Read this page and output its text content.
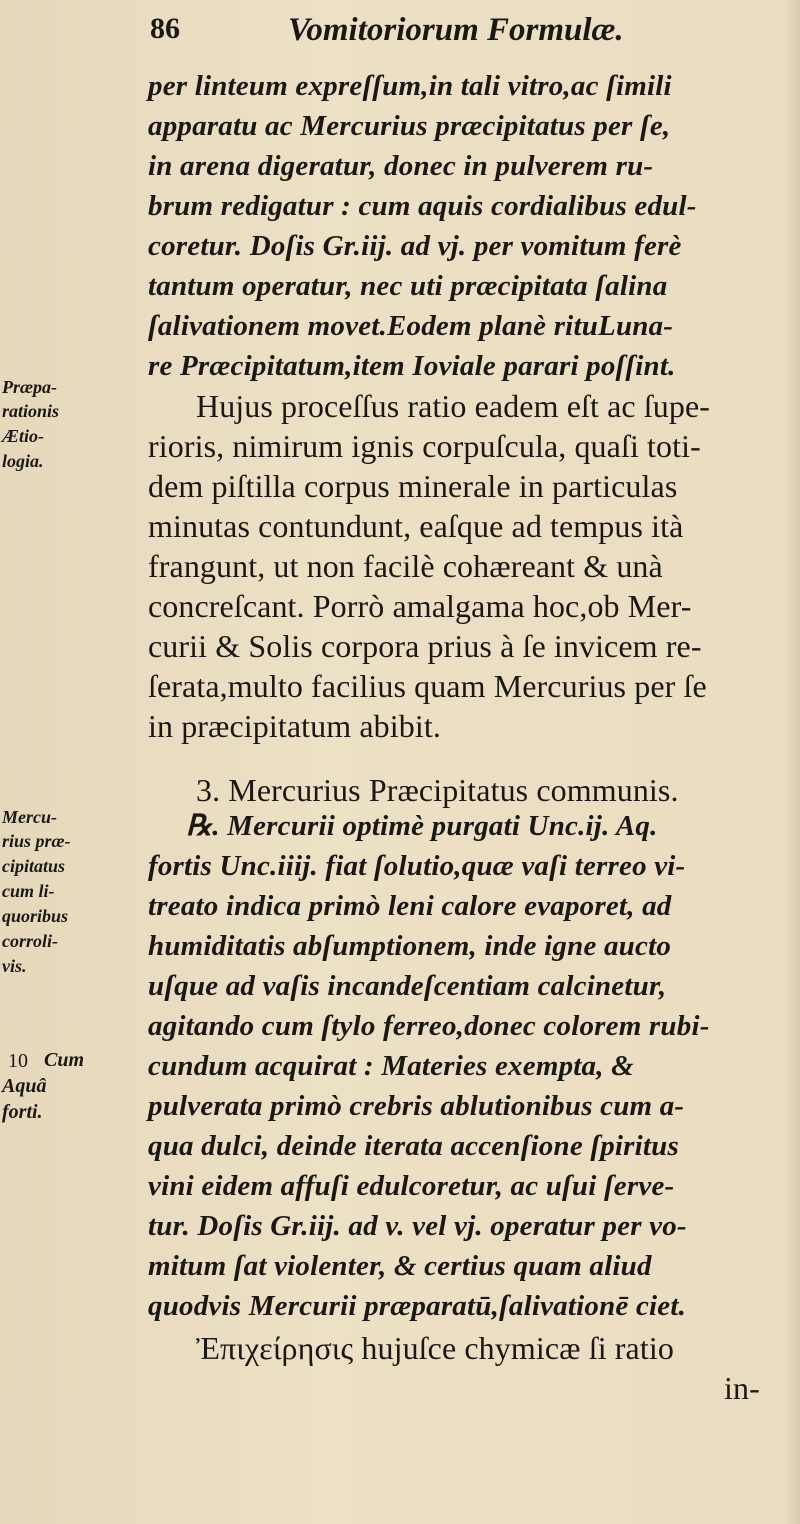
86	Vomitoriorum Formulæ.
per linteum expreſſum,in tali vitro,ac ſimili
apparatu ac Mercurius præcipitatus per ſe,
in arena digeratur, donec in pulverem ru-
brum redigatur : cum aquis cordialibus edul-
coretur. Doſis Gr.iij. ad vj. per vomitum ferè
tantum operatur, nec uti præcipitata ſalina
ſalivationem movet.Eodem planè rituLuna-
re Præcipitatum,item Ioviale parari poſſint.
Hujus proceſſus ratio eadem eſt ac ſupe-
rioris, nimirum ignis corpuſcula, quaſi toti-
dem piſtilla corpus minerale in particulas
minutas contundunt, eaſque ad tempus ità
frangunt, ut non facilè cohæreant & unà
concreſcant. Porrò amalgama hoc,ob Mer-
curii & Solis corpora prius à ſe invicem re-
ſerata,multo facilius quam Mercurius per ſe
in præcipitatum abibit.
3. Mercurius Præcipitatus communis.
℞. Mercurii optimè purgati Unc.ij. Aq.
fortis Unc.iiij. fiat ſolutio,quæ vaſi terreo vi-
treato indica primò leni calore evaporet, ad
humiditatis abſumptionem, inde igne aucto
uſque ad vaſis incandeſcentiam calcinetur,
agitando cum ſtylo ferreo,donec colorem rubi-
cundum acquirat : Materies exempta, &
pulverata primò crebris ablutionibus cum a-
qua dulci, deinde iterata accenſione ſpiritus
vini eidem affuſi edulcoretur, ac uſui ſerve-
tur. Doſis Gr.iij. ad v. vel vj. operatur per vo-
mitum ſat violenter, & certius quam aliud
quodvis Mercurii præparatū,ſalivationē ciet.
Ἐπιχείρησις hujuſce chymicæ ſi ratio
in-
Præpa-
rationis
Ætio-
logia.
Mercu-
rius præ-
cipitatus
cum li-
quoribus
corroli-
vis.
10 Cum
Aquâ
forti.
